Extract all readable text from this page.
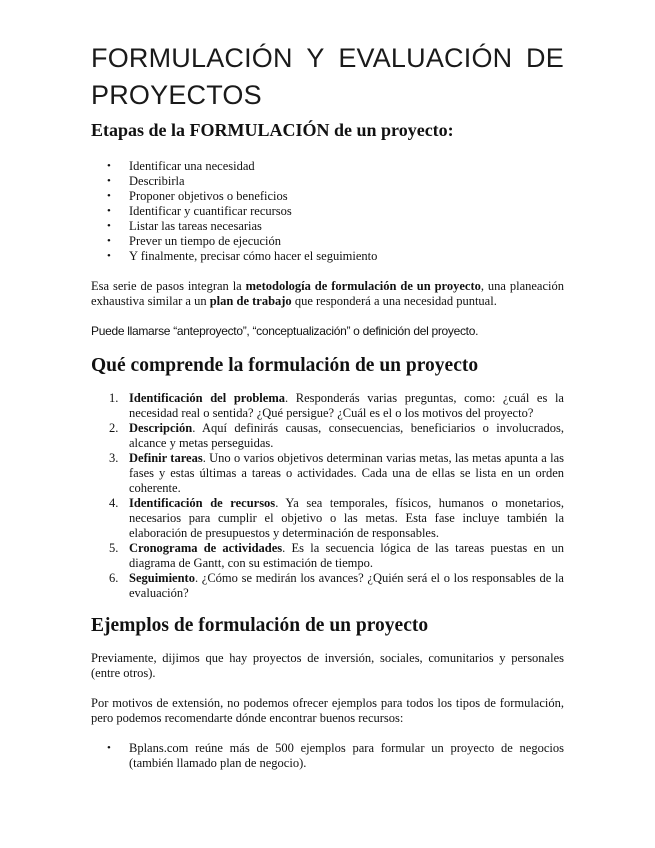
FORMULACIÓN Y EVALUACIÓN DE
PROYECTOS
Etapas de la FORMULACIÓN de un proyecto:
• Identificar una necesidad
• Describirla
• Proponer objetivos o beneficios
• Identificar y cuantificar recursos
• Listar las tareas necesarias
• Prever un tiempo de ejecución
• Y finalmente, precisar cómo hacer el seguimiento

Esa serie de pasos integran la metodología de formulación de un proyecto, una planeación exhaustiva similar a un plan de trabajo que responderá a una necesidad puntual.

Puede llamarse “anteproyecto”, “conceptualización” o definición del proyecto.

Qué comprende la formulación de un proyecto
1. Identificación del problema. Responderás varias preguntas, como: ¿cuál es la necesidad real o sentida? ¿Qué persigue? ¿Cuál es el o los motivos del proyecto?
2. Descripción. Aquí definirás causas, consecuencias, beneficiarios o involucrados, alcance y metas perseguidas.
3. Definir tareas. Uno o varios objetivos determinan varias metas, las metas apunta a las fases y estas últimas a tareas o actividades. Cada una de ellas se lista en un orden coherente.
4. Identificación de recursos. Ya sea temporales, físicos, humanos o monetarios, necesarios para cumplir el objetivo o las metas. Esta fase incluye también la elaboración de presupuestos y determinación de responsables.
5. Cronograma de actividades. Es la secuencia lógica de las tareas puestas en un diagrama de Gantt, con su estimación de tiempo.
6. Seguimiento. ¿Cómo se medirán los avances? ¿Quién será el o los responsables de la evaluación?
Ejemplos de formulación de un proyecto

Previamente, dijimos que hay proyectos de inversión, sociales, comunitarios y personales (entre otros).

Por motivos de extensión, no podemos ofrecer ejemplos para todos los tipos de formulación, pero podemos recomendarte dónde encontrar buenos recursos:

• Bplans.com reúne más de 500 ejemplos para formular un proyecto de negocios (también llamado plan de negocio).
